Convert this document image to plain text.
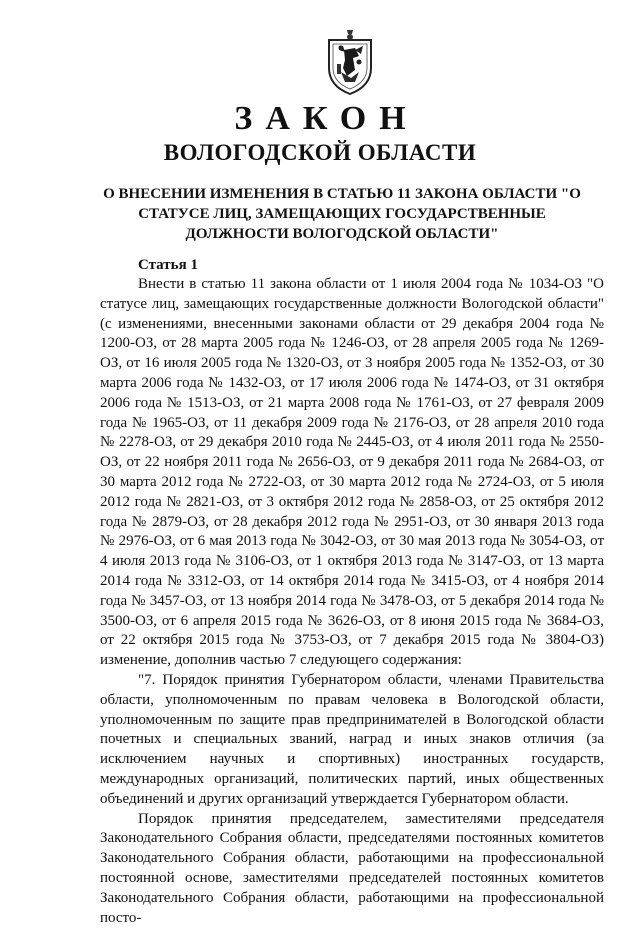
ЗАКОН
ВОЛОГОДСКОЙ ОБЛАСТИ
О ВНЕСЕНИИ ИЗМЕНЕНИЯ В СТАТЬЮ 11 ЗАКОНА ОБЛАСТИ "О СТАТУСЕ ЛИЦ, ЗАМЕЩАЮЩИХ ГОСУДАРСТВЕННЫЕ ДОЛЖНОСТИ ВОЛОГОДСКОЙ ОБЛАСТИ"
Статья 1

Внести в статью 11 закона области от 1 июля 2004 года № 1034-ОЗ "О статусе лиц, замещающих государственные должности Вологодской области" (с изменениями, внесенными законами области от 29 декабря 2004 года № 1200-ОЗ, от 28 марта 2005 года № 1246-ОЗ, от 28 апреля 2005 года № 1269-ОЗ, от 16 июля 2005 года № 1320-ОЗ, от 3 ноября 2005 года № 1352-ОЗ, от 30 марта 2006 года № 1432-ОЗ, от 17 июля 2006 года № 1474-ОЗ, от 31 октября 2006 года № 1513-ОЗ, от 21 марта 2008 года № 1761-ОЗ, от 27 февраля 2009 года № 1965-ОЗ, от 11 декабря 2009 года № 2176-ОЗ, от 28 апреля 2010 года № 2278-ОЗ, от 29 декабря 2010 года № 2445-ОЗ, от 4 июля 2011 года № 2550-ОЗ, от 22 ноября 2011 года № 2656-ОЗ, от 9 декабря 2011 года № 2684-ОЗ, от 30 марта 2012 года № 2722-ОЗ, от 30 марта 2012 года № 2724-ОЗ, от 5 июля 2012 года № 2821-ОЗ, от 3 октября 2012 года № 2858-ОЗ, от 25 октября 2012 года № 2879-ОЗ, от 28 декабря 2012 года № 2951-ОЗ, от 30 января 2013 года № 2976-ОЗ, от 6 мая 2013 года № 3042-ОЗ, от 30 мая 2013 года № 3054-ОЗ, от 4 июля 2013 года № 3106-ОЗ, от 1 октября 2013 года № 3147-ОЗ, от 13 марта 2014 года № 3312-ОЗ, от 14 октября 2014 года № 3415-ОЗ, от 4 ноября 2014 года № 3457-ОЗ, от 13 ноября 2014 года № 3478-ОЗ, от 5 декабря 2014 года № 3500-ОЗ, от 6 апреля 2015 года № 3626-ОЗ, от 8 июня 2015 года № 3684-ОЗ, от 22 октября 2015 года № 3753-ОЗ, от 7 декабря 2015 года № 3804-ОЗ) изменение, дополнив частью 7 следующего содержания:

"7. Порядок принятия Губернатором области, членами Правительства области, уполномоченным по правам человека в Вологодской области, уполномоченным по защите прав предпринимателей в Вологодской области почетных и специальных званий, наград и иных знаков отличия (за исключением научных и спортивных) иностранных государств, международных организаций, политических партий, иных общественных объединений и других организаций утверждается Губернатором области.

Порядок принятия председателем, заместителями председателя Законодательного Собрания области, председателями постоянных комитетов Законодательного Собрания области, работающими на профессиональной постоянной основе, заместителями председателей постоянных комитетов Законодательного Собрания области, работающими на профессиональной посто-
